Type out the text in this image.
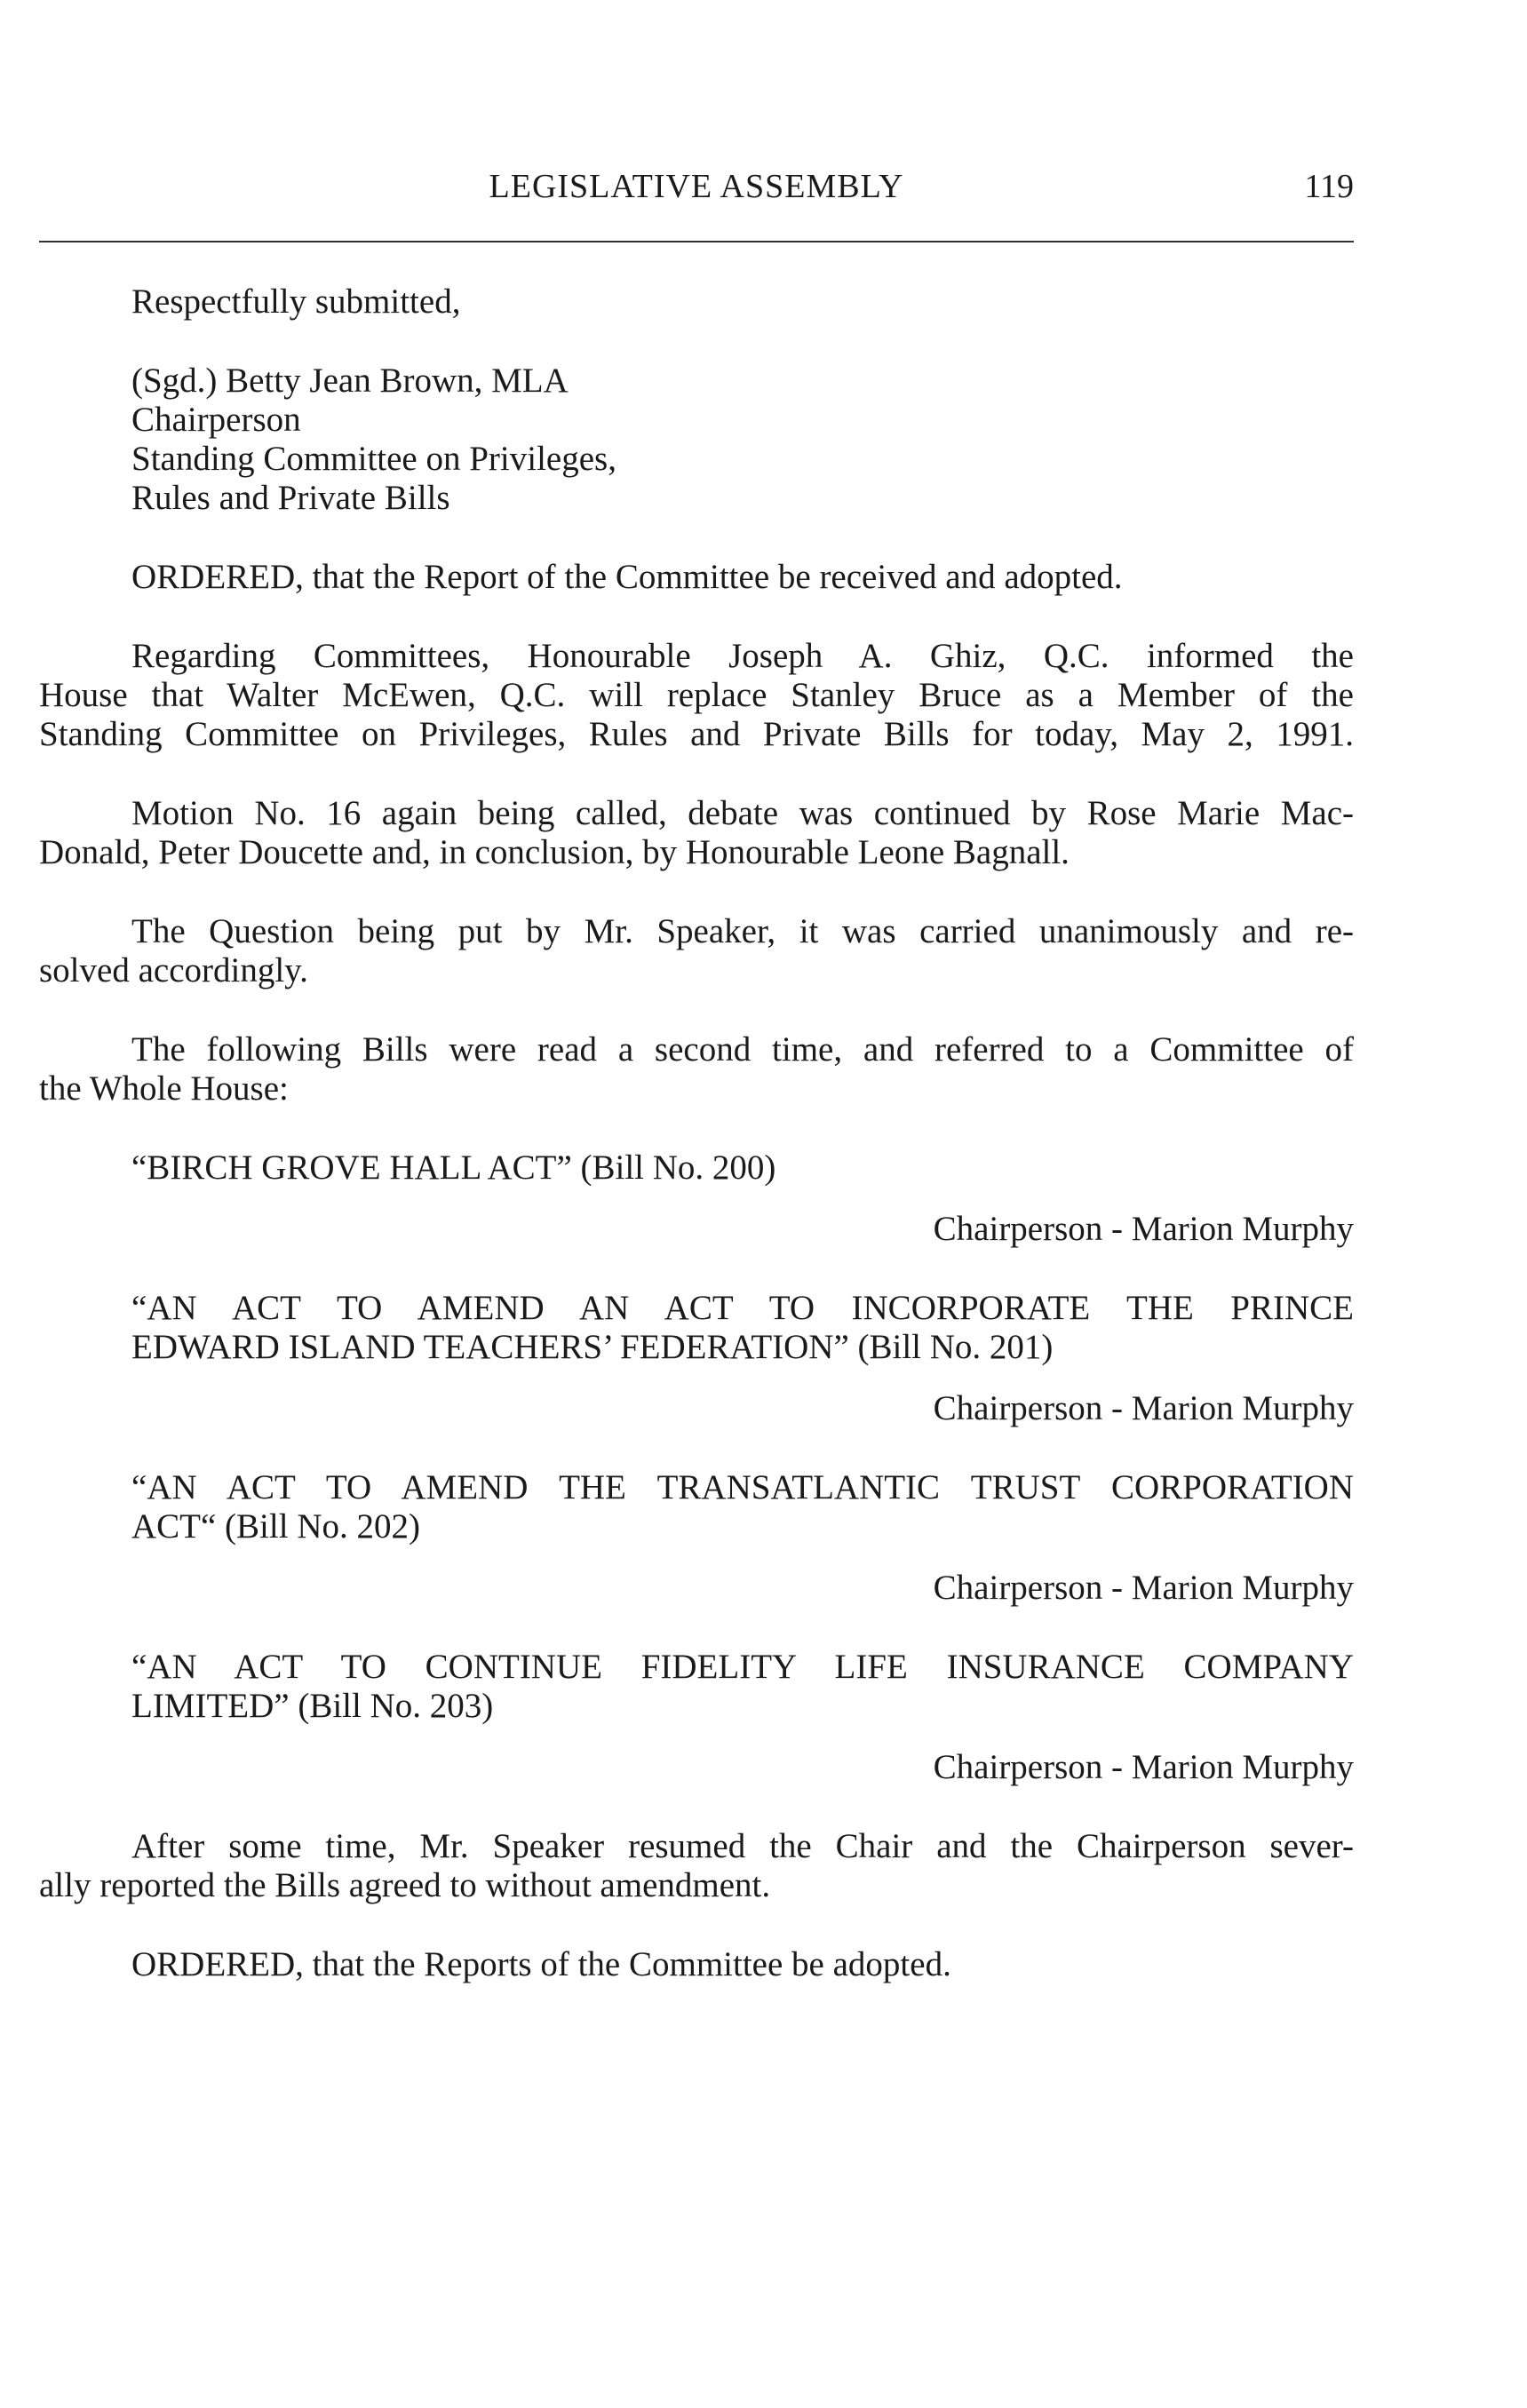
LEGISLATIVE ASSEMBLY	119
Respectfully submitted,
(Sgd.) Betty Jean Brown, MLA
Chairperson
Standing Committee on Privileges,
Rules and Private Bills

ORDERED, that the Report of the Committee be received and adopted.

Regarding Committees, Honourable Joseph A. Ghiz, Q.C. informed the
House that Walter McEwen, Q.C. will replace Stanley Bruce as a Member of the
Standing Committee on Privileges, Rules and Private Bills for today, May 2, 1991.
Motion No. 16 again being called, debate was continued by Rose Marie Mac-
Donald, Peter Doucette and, in conclusion, by Honourable Leone Bagnall.
The Question being put by Mr. Speaker, it was carried unanimously and re-
solved accordingly.
The following Bills were read a second time, and referred to a Committee of
the Whole House:
“BIRCH GROVE HALL ACT” (Bill No. 200)
Chairperson - Marion Murphy
“AN ACT TO AMEND AN ACT TO INCORPORATE THE PRINCE
EDWARD ISLAND TEACHERS’ FEDERATION” (Bill No. 201)
Chairperson - Marion Murphy
“AN ACT TO AMEND THE TRANSATLANTIC TRUST CORPORATION
ACT“ (Bill No. 202)
Chairperson - Marion Murphy
“AN ACT TO CONTINUE FIDELITY LIFE INSURANCE COMPANY
LIMITED” (Bill No. 203)
Chairperson - Marion Murphy
After some time, Mr. Speaker resumed the Chair and the Chairperson sever-
ally reported the Bills agreed to without amendment.

ORDERED, that the Reports of the Committee be adopted.
